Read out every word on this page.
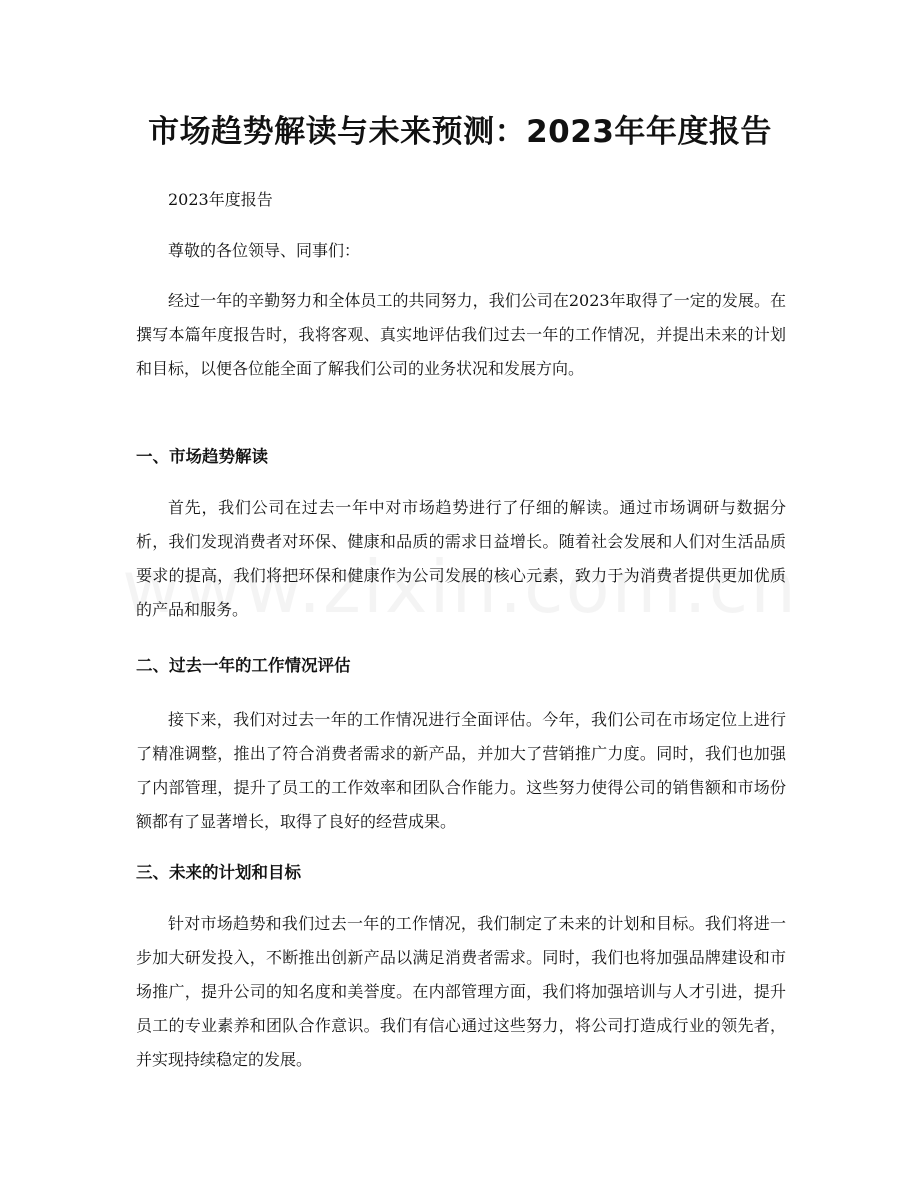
市场趋势解读与未来预测：2023年年度报告

2023年度报告

尊敬的各位领导、同事们：

经过一年的辛勤努力和全体员工的共同努力，我们公司在2023年取得了一定的发展。在撰写本篇年度报告时，我将客观、真实地评估我们过去一年的工作情况，并提出未来的计划和目标，以便各位能全面了解我们公司的业务状况和发展方向。

一、市场趋势解读

首先，我们公司在过去一年中对市场趋势进行了仔细的解读。通过市场调研与数据分析，我们发现消费者对环保、健康和品质的需求日益增长。随着社会发展和人们对生活品质要求的提高，我们将把环保和健康作为公司发展的核心元素，致力于为消费者提供更加优质的产品和服务。

二、过去一年的工作情况评估

接下来，我们对过去一年的工作情况进行全面评估。今年，我们公司在市场定位上进行了精准调整，推出了符合消费者需求的新产品，并加大了营销推广力度。同时，我们也加强了内部管理，提升了员工的工作效率和团队合作能力。这些努力使得公司的销售额和市场份额都有了显著增长，取得了良好的经营成果。

三、未来的计划和目标

针对市场趋势和我们过去一年的工作情况，我们制定了未来的计划和目标。我们将进一步加大研发投入，不断推出创新产品以满足消费者需求。同时，我们也将加强品牌建设和市场推广，提升公司的知名度和美誉度。在内部管理方面，我们将加强培训与人才引进，提升员工的专业素养和团队合作意识。我们有信心通过这些努力，将公司打造成行业的领先者，并实现持续稳定的发展。
